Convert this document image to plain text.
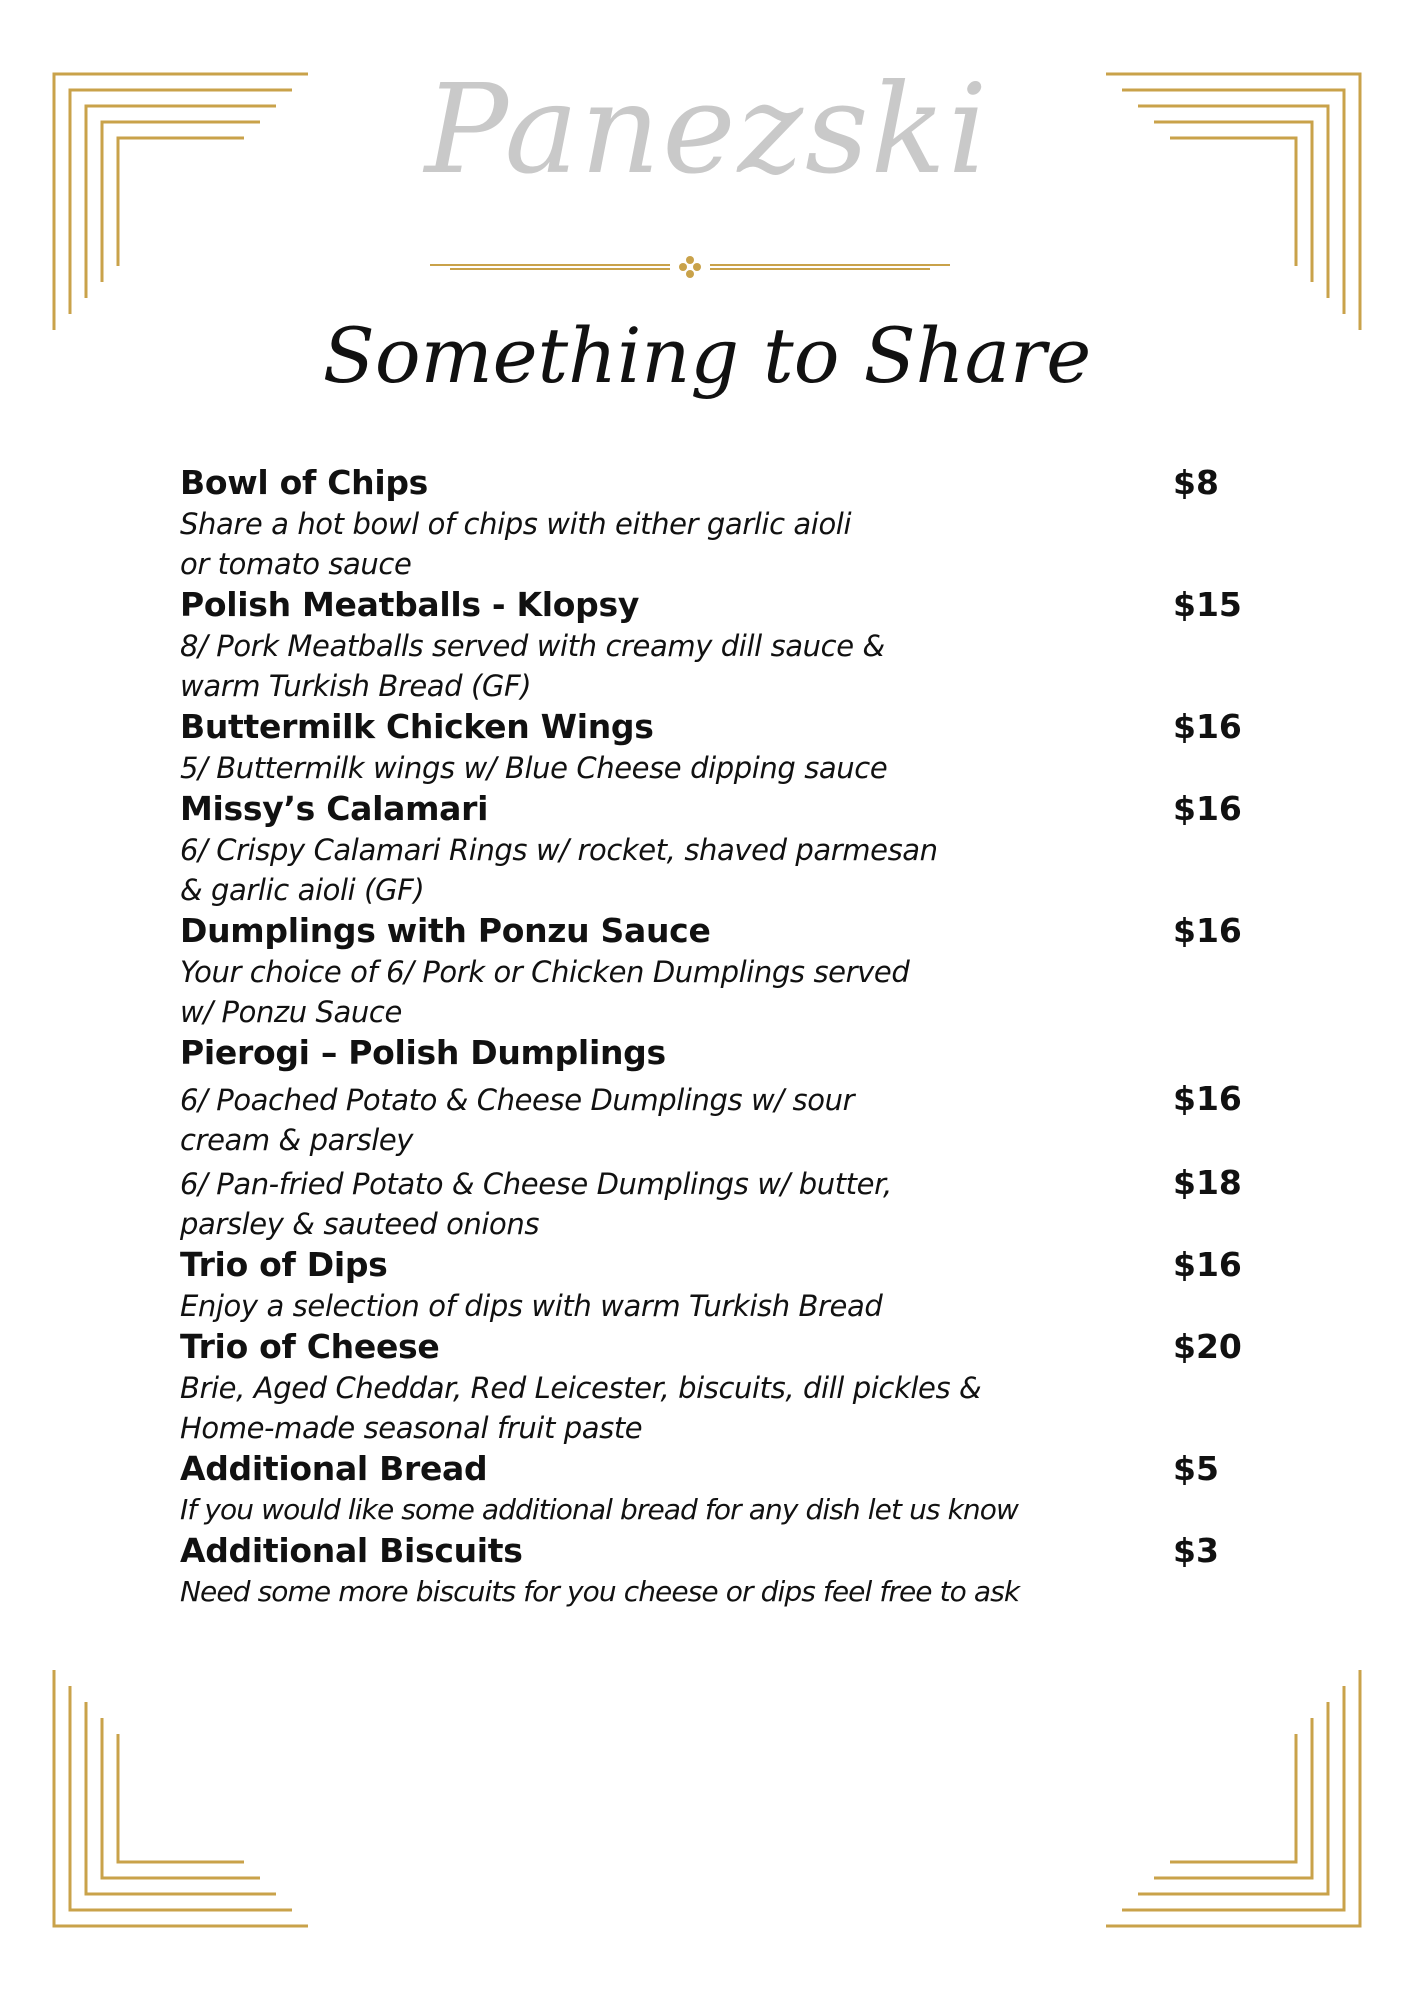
Panezski
Something to Share
Bowl of Chips	$8
Share a hot bowl of chips with either garlic aioli
or tomato sauce
Polish Meatballs - Klopsy	$15
8/ Pork Meatballs served with creamy dill sauce &
warm Turkish Bread (GF)
Buttermilk Chicken Wings	$16
5/ Buttermilk wings w/ Blue Cheese dipping sauce
Missy’s Calamari	$16
6/ Crispy Calamari Rings w/ rocket, shaved parmesan
& garlic aioli (GF)
Dumplings with Ponzu Sauce	$16
Your choice of 6/ Pork or Chicken Dumplings served
w/ Ponzu Sauce
Pierogi – Polish Dumplings
6/ Poached Potato & Cheese Dumplings w/ sour
cream & parsley
$16
6/ Pan-fried Potato & Cheese Dumplings w/ butter,
parsley & sauteed onions
$18
Trio of Dips	$16
Enjoy a selection of dips with warm Turkish Bread
Trio of Cheese	$20
Brie, Aged Cheddar, Red Leicester, biscuits, dill pickles &
Home-made seasonal fruit paste
Additional Bread	$5
If you would like some additional bread for any dish let us know
Additional Biscuits	$3
Need some more biscuits for you cheese or dips feel free to ask
